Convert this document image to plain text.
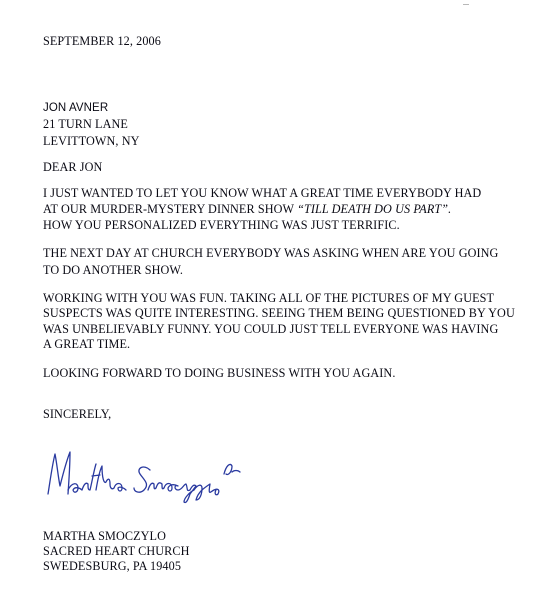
SEPTEMBER 12, 2006
JON AVNER
21 TURN LANE
LEVITTOWN, NY
DEAR JON
I JUST WANTED TO LET YOU KNOW WHAT A GREAT TIME EVERYBODY HAD
AT OUR MURDER-MYSTERY DINNER SHOW “TILL DEATH DO US PART”.
HOW YOU PERSONALIZED EVERYTHING WAS JUST TERRIFIC.
THE NEXT DAY AT CHURCH EVERYBODY WAS ASKING WHEN ARE YOU GOING
TO DO ANOTHER SHOW.
WORKING WITH YOU WAS FUN. TAKING ALL OF THE PICTURES OF MY GUEST
SUSPECTS WAS QUITE INTERESTING. SEEING THEM BEING QUESTIONED BY YOU
WAS UNBELIEVABLY FUNNY. YOU COULD JUST TELL EVERYONE WAS HAVING
A GREAT TIME.
LOOKING FORWARD TO DOING BUSINESS WITH YOU AGAIN.
SINCERELY,
MARTHA SMOCZYLO
SACRED HEART CHURCH
SWEDESBURG, PA 19405
